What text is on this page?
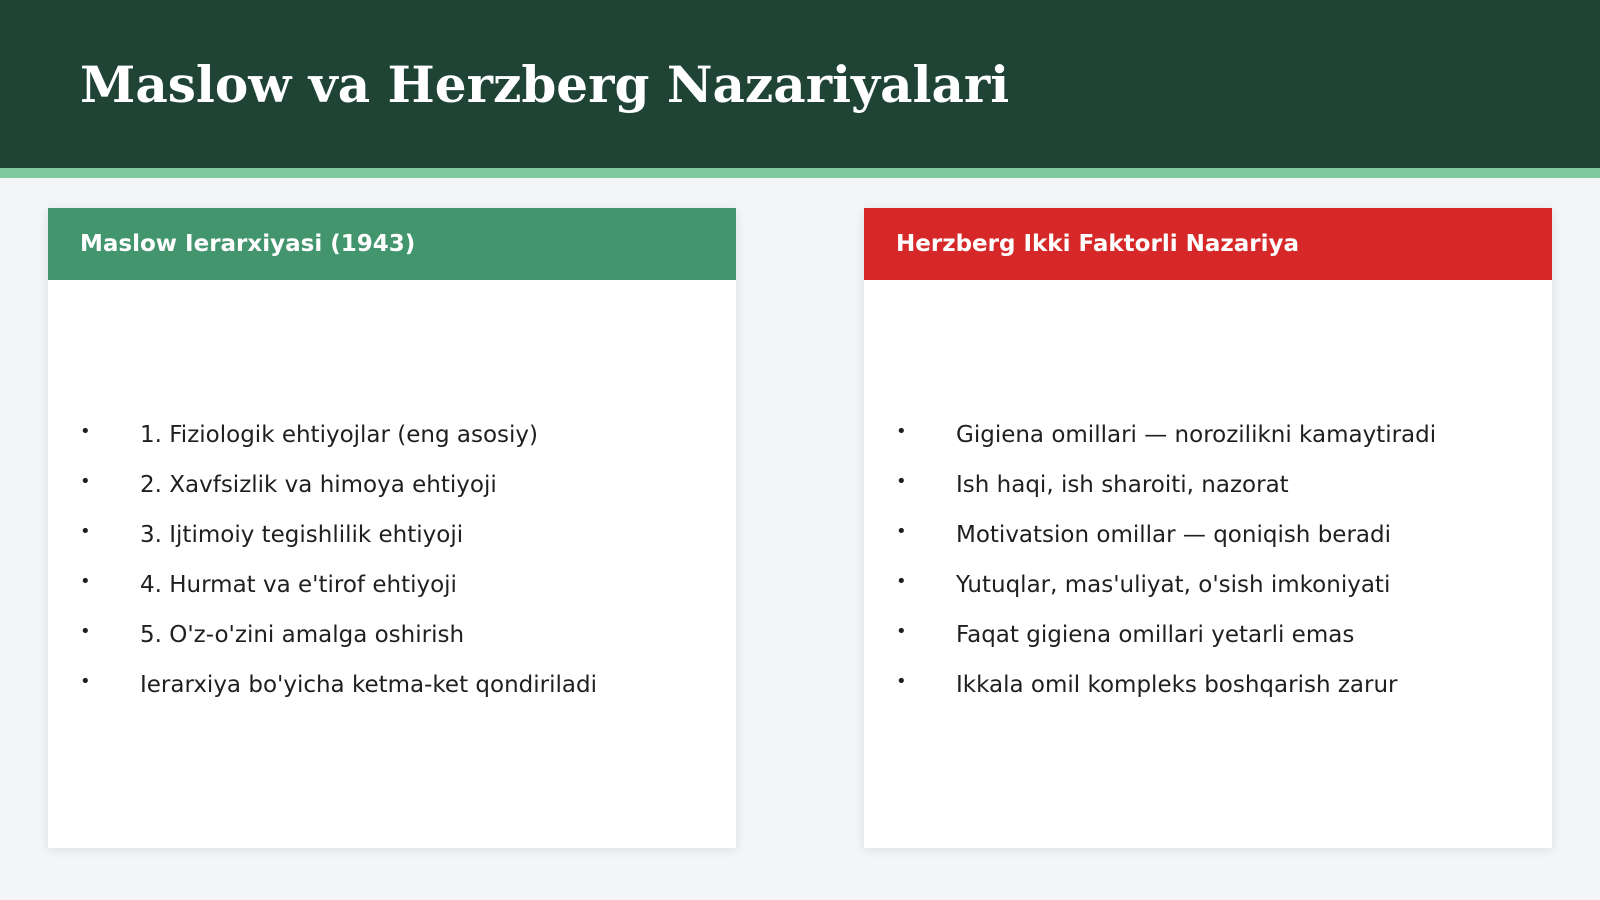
Maslow va Herzberg Nazariyalari
Maslow Ierarxiyasi (1943)
•	1. Fiziologik ehtiyojlar (eng asosiy)
•	2. Xavfsizlik va himoya ehtiyoji
•	3. Ijtimoiy tegishlilik ehtiyoji
•	4. Hurmat va e'tirof ehtiyoji
•	5. O'z-o'zini amalga oshirish
•	Ierarxiya bo'yicha ketma-ket qondiriladi
Herzberg Ikki Faktorli Nazariya
•	Gigiena omillari — norozilikni kamaytiradi
•	Ish haqi, ish sharoiti, nazorat
•	Motivatsion omillar — qoniqish beradi
•	Yutuqlar, mas'uliyat, o'sish imkoniyati
•	Faqat gigiena omillari yetarli emas
•	Ikkala omil kompleks boshqarish zarur
